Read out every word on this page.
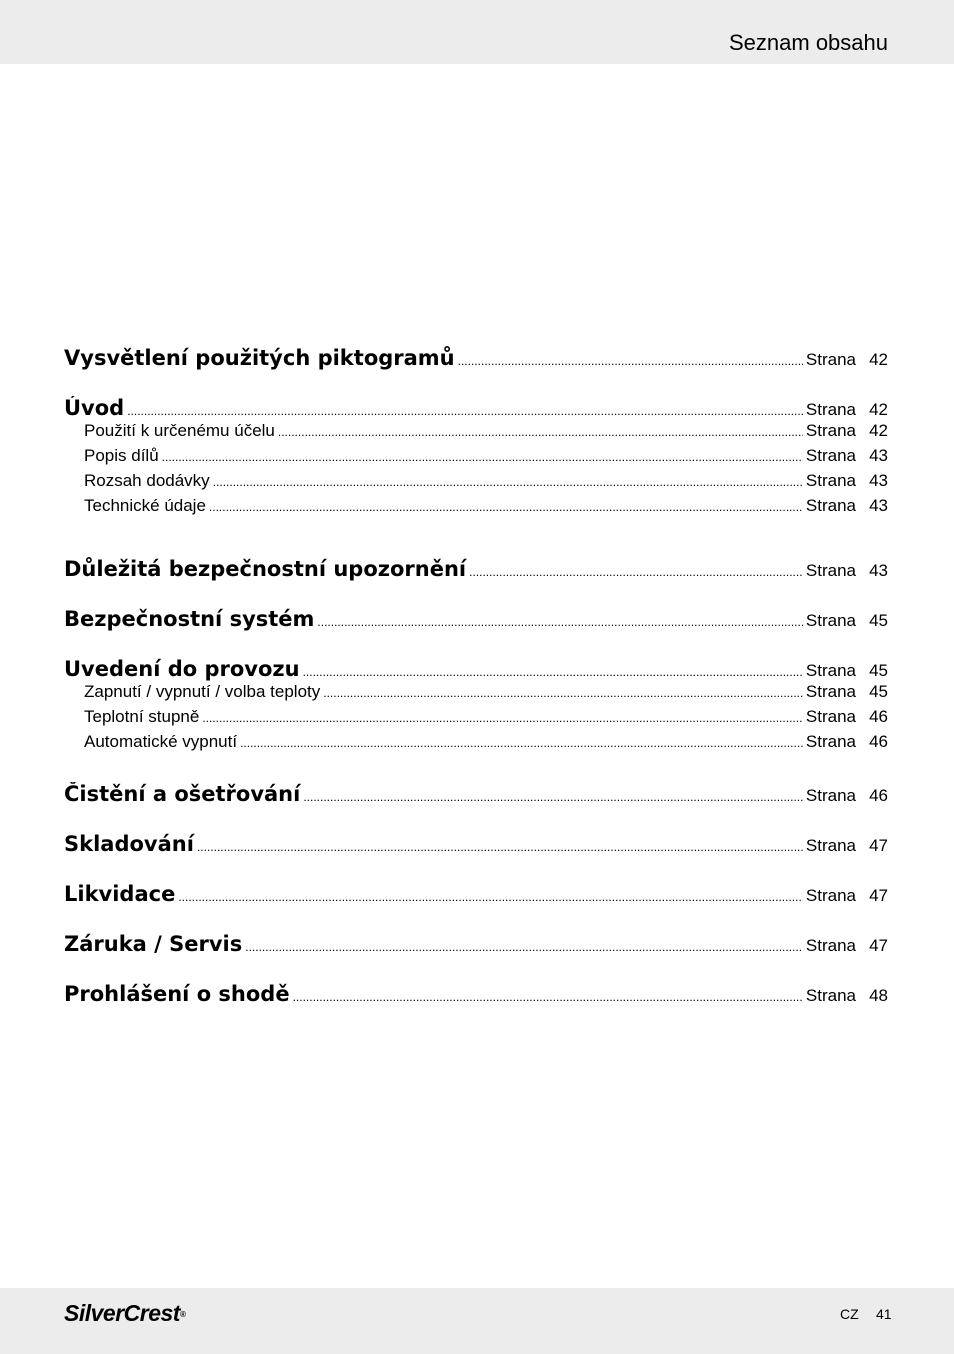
Seznam obsahu
Vysvětlení použitých piktogramů .....	Strana 42
Úvod .....	Strana 42
Použití k určenému účelu .....	Strana 42
Popis dílů .....	Strana 43
Rozsah dodávky .....	Strana 43
Technické údaje .....	Strana 43
Důležitá bezpečnostní upozornění .....	Strana 43
Bezpečnostní systém .....	Strana 45
Uvedení do provozu .....	Strana 45
Zapnutí / vypnutí / volba teploty .....	Strana 45
Teplotní stupně .....	Strana 46
Automatické vypnutí .....	Strana 46
Čistění a ošetřování .....	Strana 46
Skladování .....	Strana 47
Likvidace .....	Strana 47
Záruka / Servis .....	Strana 47
Prohlášení o shodě .....	Strana 48
SilverCrest®	CZ 41
